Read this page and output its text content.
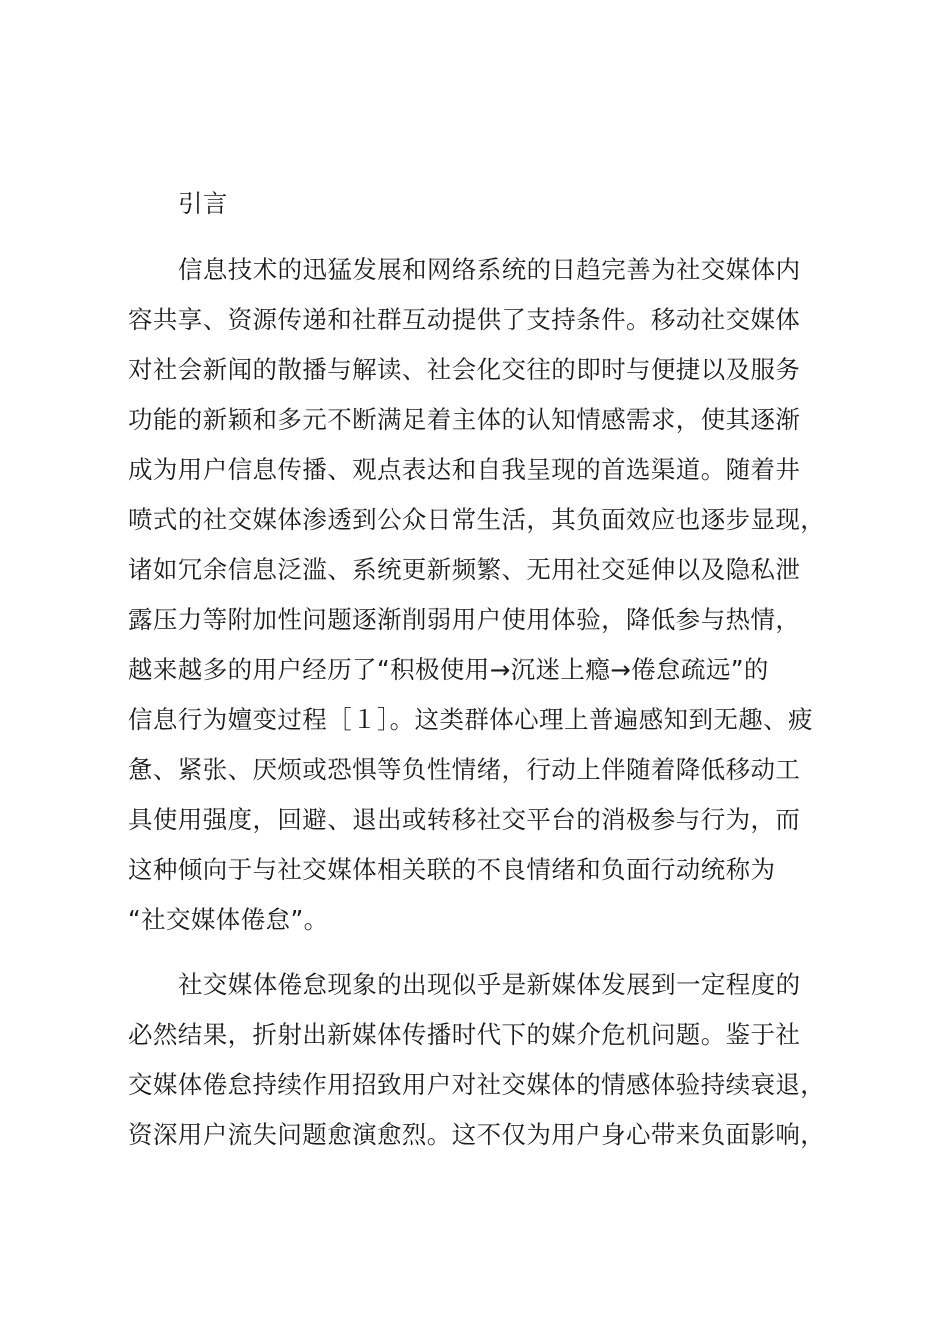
引言
信息技术的迅猛发展和网络系统的日趋完善为社交媒体内
容共享、资源传递和社群互动提供了支持条件。移动社交媒体
对社会新闻的散播与解读、社会化交往的即时与便捷以及服务
功能的新颖和多元不断满足着主体的认知情感需求，使其逐渐
成为用户信息传播、观点表达和自我呈现的首选渠道。随着井
喷式的社交媒体渗透到公众日常生活，其负面效应也逐步显现，
诸如冗余信息泛滥、系统更新频繁、无用社交延伸以及隐私泄
露压力等附加性问题逐渐削弱用户使用体验，降低参与热情，
越来越多的用户经历了“积极使用→沉迷上瘾→倦怠疏远”的
信息行为嬗变过程［１］。这类群体心理上普遍感知到无趣、疲
惫、紧张、厌烦或恐惧等负性情绪，行动上伴随着降低移动工
具使用强度，回避、退出或转移社交平台的消极参与行为，而
这种倾向于与社交媒体相关联的不良情绪和负面行动统称为
“社交媒体倦怠”。
社交媒体倦怠现象的出现似乎是新媒体发展到一定程度的
必然结果，折射出新媒体传播时代下的媒介危机问题。鉴于社
交媒体倦怠持续作用招致用户对社交媒体的情感体验持续衰退，
资深用户流失问题愈演愈烈。这不仅为用户身心带来负面影响，
